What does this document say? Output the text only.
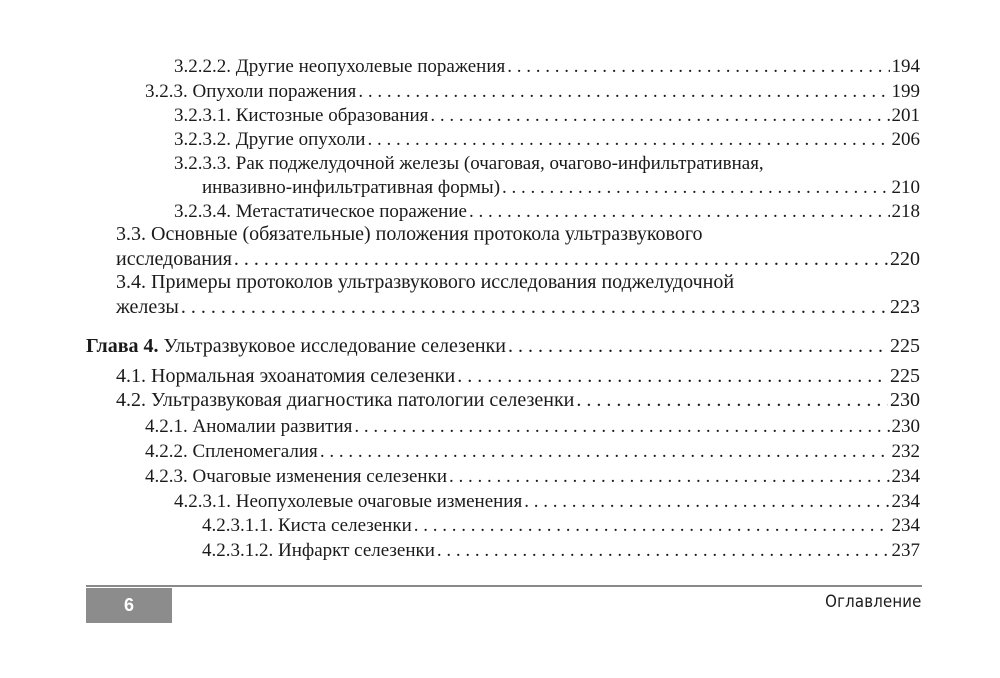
3.2.2.2. Другие неопухолевые поражения . . .	194
3.2.3. Опухоли поражения . . .	199
3.2.3.1. Кистозные образования . . .	201
3.2.3.2. Другие опухоли . . .	206
3.2.3.3. Рак поджелудочной железы (очаговая, очагово-инфильтративная,
инвазивно-инфильтративная формы) . . .	210
3.2.3.4. Метастатическое поражение . . .	218
3.3. Основные (обязательные) положения протокола ультразвукового
исследования . . .	220
3.4. Примеры протоколов ультразвукового исследования поджелудочной
железы . . .	223
Глава 4. Ультразвуковое исследование селезенки . . .	225
4.1. Нормальная эхоанатомия селезенки . . .	225
4.2. Ультразвуковая диагностика патологии селезенки . . .	230
4.2.1. Аномалии развития . . .	230
4.2.2. Спленомегалия . . .	232
4.2.3. Очаговые изменения селезенки . . .	234
4.2.3.1. Неопухолевые очаговые изменения . . .	234
4.2.3.1.1. Киста селезенки . . .	234
4.2.3.1.2. Инфаркт селезенки . . .	237
6	Оглавление
